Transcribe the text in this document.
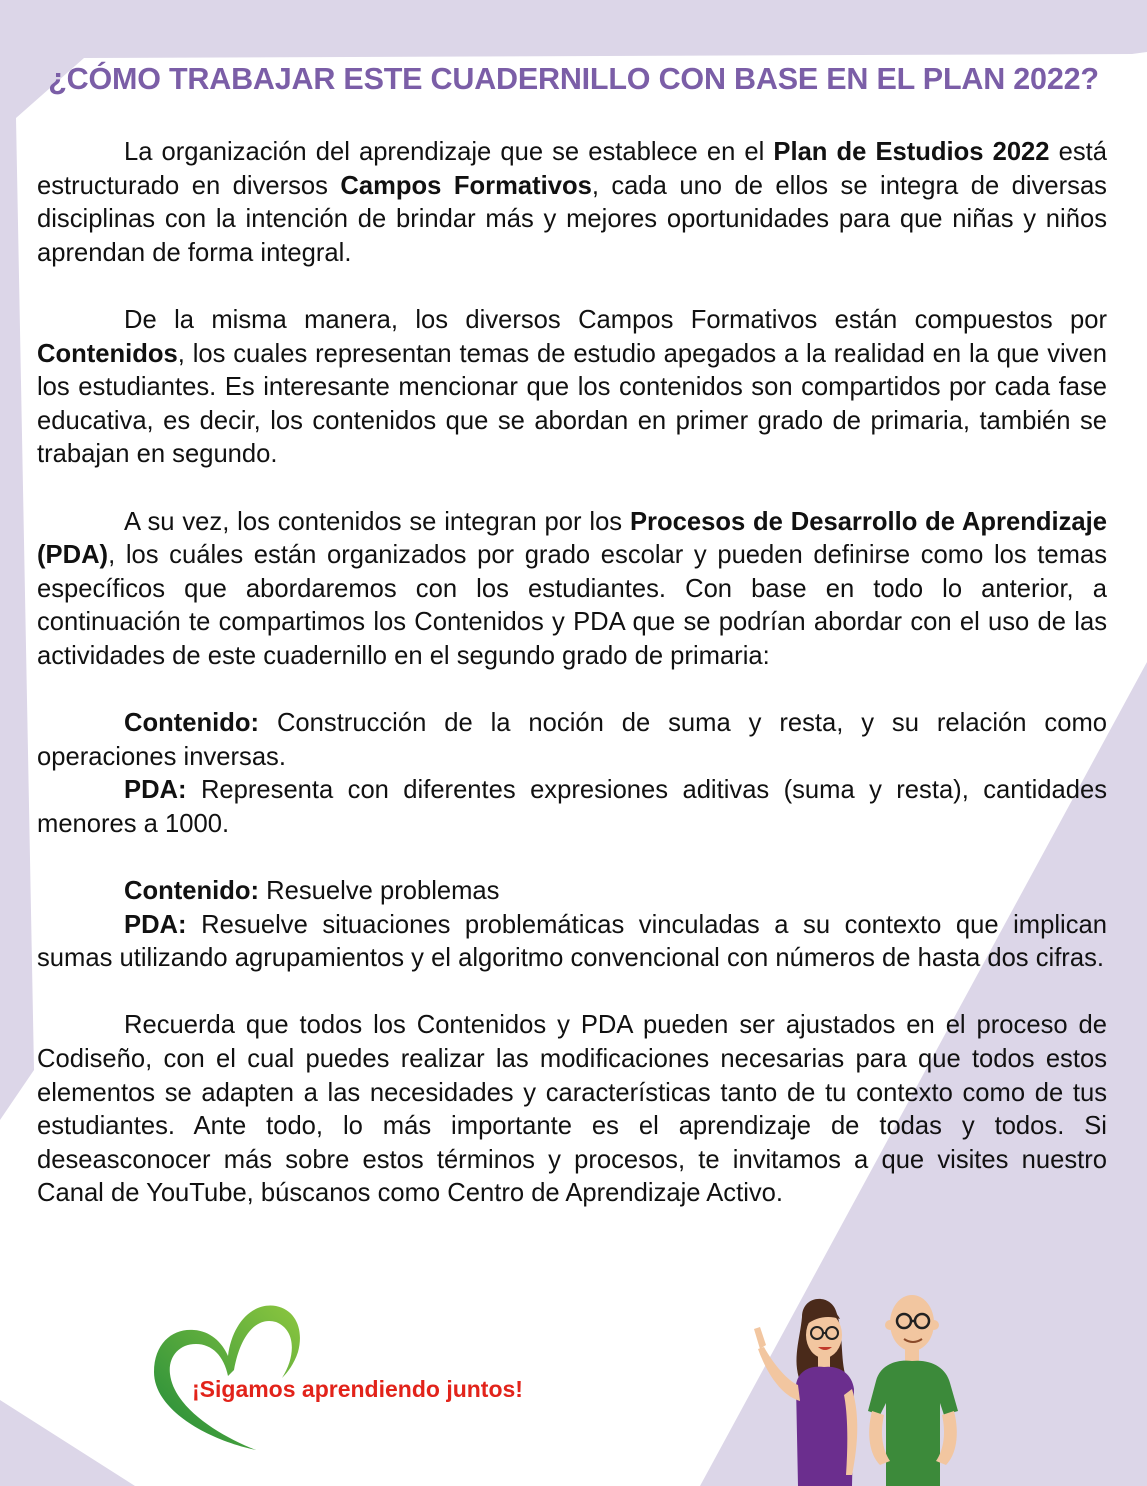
¿CÓMO TRABAJAR ESTE CUADERNILLO CON BASE EN EL PLAN 2022?

La organización del aprendizaje que se establece en el Plan de Estudios 2022 está estructurado en diversos Campos Formativos, cada uno de ellos se integra de diversas disciplinas con la intención de brindar más y mejores oportunidades para que niñas y niños aprendan de forma integral.

De la misma manera, los diversos Campos Formativos están compuestos por Contenidos, los cuales representan temas de estudio apegados a la realidad en la que viven los estudiantes. Es interesante mencionar que los contenidos son compartidos por cada fase educativa, es decir, los contenidos que se abordan en primer grado de primaria, también se trabajan en segundo.

A su vez, los contenidos se integran por los Procesos de Desarrollo de Aprendizaje (PDA), los cuáles están organizados por grado escolar y pueden definirse como los temas específicos que abordaremos con los estudiantes. Con base en todo lo anterior, a continuación te compartimos los Contenidos y PDA que se podrían abordar con el uso de las actividades de este cuadernillo en el segundo grado de primaria:

Contenido: Construcción de la noción de suma y resta, y su relación como operaciones inversas.
PDA: Representa con diferentes expresiones aditivas (suma y resta), cantidades menores a 1000.
Contenido: Resuelve problemas
PDA: Resuelve situaciones problemáticas vinculadas a su contexto que implican sumas utilizando agrupamientos y el algoritmo convencional con números de hasta dos cifras.

Recuerda que todos los Contenidos y PDA pueden ser ajustados en el proceso de Codiseño, con el cual puedes realizar las modificaciones necesarias para que todos estos elementos se adapten a las necesidades y características tanto de tu contexto como de tus estudiantes. Ante todo, lo más importante es el aprendizaje de todas y todos. Si deseasconocer más sobre estos términos y procesos, te invitamos a que visites nuestro Canal de YouTube, búscanos como Centro de Aprendizaje Activo.

¡Sigamos aprendiendo juntos!
